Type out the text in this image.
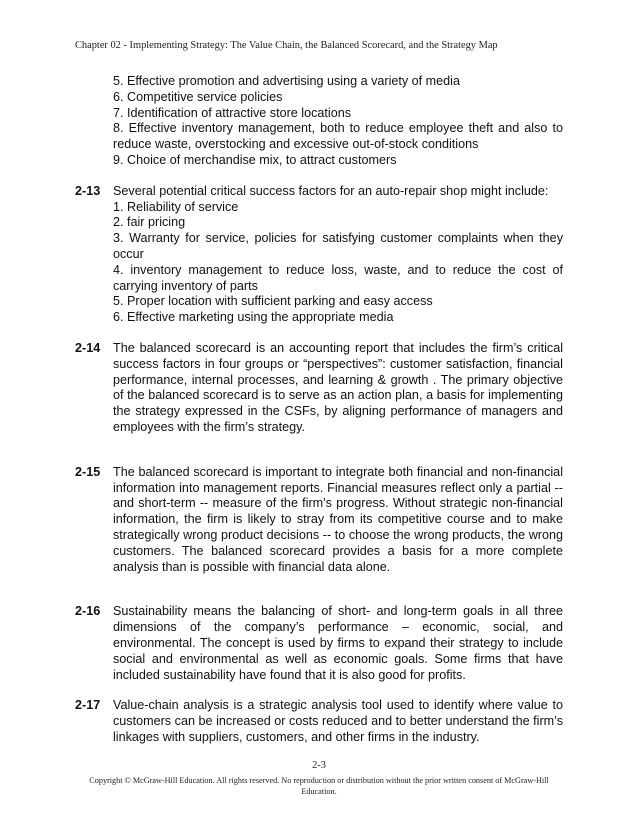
Chapter 02 - Implementing Strategy: The Value Chain, the Balanced Scorecard, and the Strategy Map

5. Effective promotion and advertising using a variety of media

6. Competitive service policies

7. Identification of attractive store locations

8. Effective inventory management, both to reduce employee theft and also to reduce waste, overstocking and excessive out-of-stock conditions

9. Choice of merchandise mix, to attract customers

2-13	Several potential critical success factors for an auto-repair shop might include:

1. Reliability of service

2. fair pricing

3. Warranty for service, policies for satisfying customer complaints when they occur

4. inventory management to reduce loss, waste, and to reduce the cost of carrying inventory of parts

5. Proper location with sufficient parking and easy access

6. Effective marketing using the appropriate media

2-14	The balanced scorecard is an accounting report that includes the firm’s critical success factors in four groups or “perspectives”: customer satisfaction, financial performance, internal processes, and learning & growth . The primary objective of the balanced scorecard is to serve as an action plan, a basis for implementing the strategy expressed in the CSFs, by aligning performance of managers and employees with the firm’s strategy.

2-15	The balanced scorecard is important to integrate both financial and non-financial information into management reports. Financial measures reflect only a partial -- and short-term -- measure of the firm's progress. Without strategic non-financial information, the firm is likely to stray from its competitive course and to make strategically wrong product decisions -- to choose the wrong products, the wrong customers. The balanced scorecard provides a basis for a more complete analysis than is possible with financial data alone.

2-16	Sustainability means the balancing of short- and long-term goals in all three dimensions of the company’s performance – economic, social, and environmental. The concept is used by firms to expand their strategy to include social and environmental as well as economic goals. Some firms that have included sustainability have found that it is also good for profits.

2-17	Value-chain analysis is a strategic analysis tool used to identify where value to customers can be increased or costs reduced and to better understand the firm’s linkages with suppliers, customers, and other firms in the industry.

2-3
Copyright © McGraw-Hill Education. All rights reserved. No reproduction or distribution without the prior written consent of McGraw-Hill Education.
